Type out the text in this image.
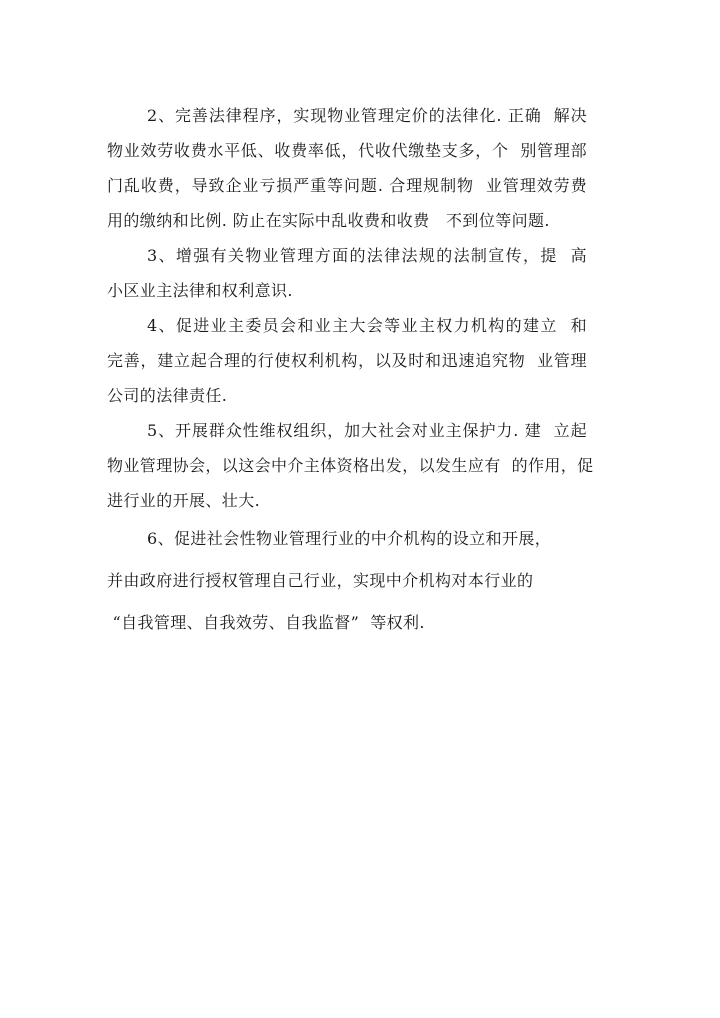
2、完善法律程序，实现物业管理定价的法律化. 正确  解决
物业效劳收费水平低、收费率低，代收代缴垫支多，个  别管理部
门乱收费，导致企业亏损严重等问题. 合理规制物  业管理效劳费
用的缴纳和比例. 防止在实际中乱收费和收费   不到位等问题.
3、增强有关物业管理方面的法律法规的法制宣传，提  高
小区业主法律和权利意识.
4、促进业主委员会和业主大会等业主权力机构的建立  和
完善，建立起合理的行使权利机构，以及时和迅速追究物  业管理
公司的法律责任.
5、开展群众性维权组织，加大社会对业主保护力. 建  立起
物业管理协会，以这会中介主体资格出发，以发生应有  的作用，促
进行业的开展、壮大.
6、促进社会性物业管理行业的中介机构的设立和开展，
并由政府进行授权管理自己行业，实现中介机构对本行业的
“自我管理、自我效劳、自我监督”  等权利.
